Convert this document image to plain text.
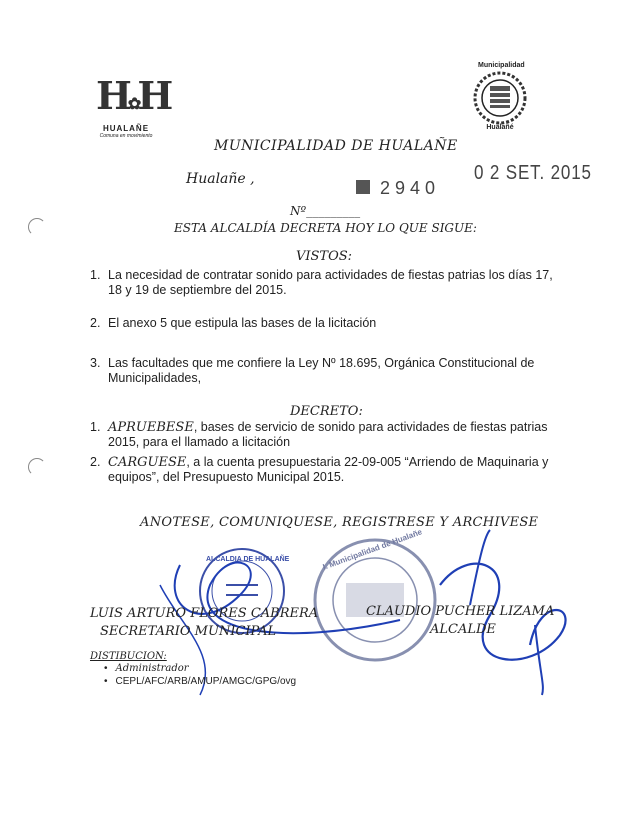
H✿H
HUALAÑE
Comuna en movimiento
Municipalidad
Hualañé
MUNICIPALIDAD DE HUALAÑE
Hualañe ,	0 2 SET. 2015
2 9 4 0
Nº_________
ESTA ALCALDÍA DECRETA HOY LO QUE SIGUE:
VISTOS:
1. La necesidad de contratar sonido para actividades de fiestas patrias los días 17, 18 y 19 de septiembre del 2015.
2. El anexo 5 que estipula las bases de la licitación
3. Las facultades que me confiere la Ley Nº 18.695, Orgánica Constitucional de Municipalidades,
DECRETO:
1. APRUEBESE, bases de servicio de sonido para actividades de fiestas patrias 2015, para el llamado a licitación
2. CARGUESE, a la cuenta presupuestaria 22-09-005 “Arriendo de Maquinaria y equipos”, del Presupuesto Municipal 2015.
ANOTESE, COMUNIQUESE, REGISTRESE Y ARCHIVESE
ALCALDIA DE HUALAÑE	I. Municipalidad de Hualañe
LUIS ARTURO FLORES CABRERA
SECRETARIO MUNICIPAL
CLAUDIO PUCHER LIZAMA
ALCALDE
DISTIBUCION:
• Administrador
• CEPL/AFC/ARB/AMUP/AMGC/GPG/ovg
